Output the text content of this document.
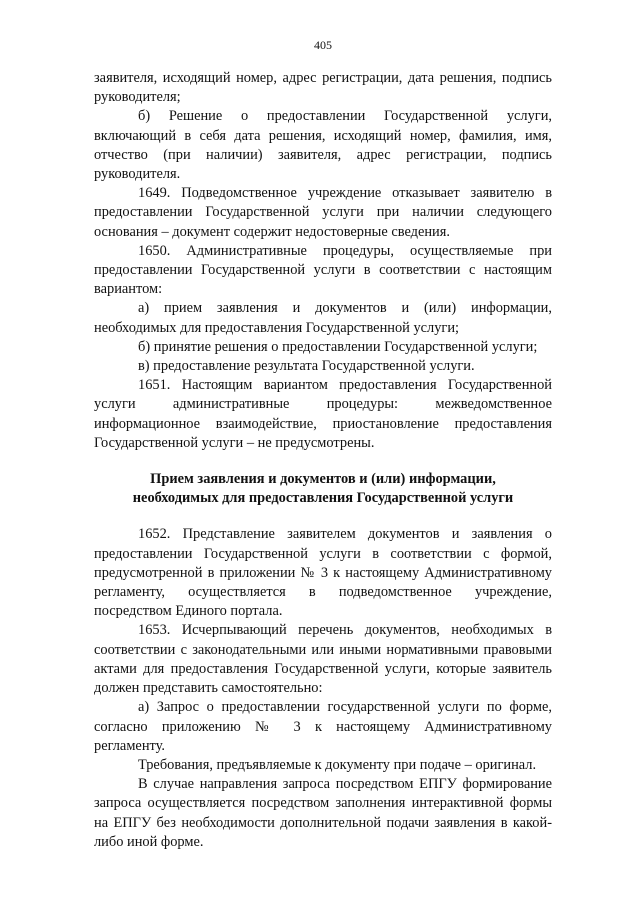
405

заявителя, исходящий номер, адрес регистрации, дата решения, подпись руководителя;

б) Решение о предоставлении Государственной услуги, включающий в себя дата решения, исходящий номер, фамилия, имя, отчество (при наличии) заявителя, адрес регистрации, подпись руководителя.

1649. Подведомственное учреждение отказывает заявителю в предоставлении Государственной услуги при наличии следующего основания – документ содержит недостоверные сведения.

1650. Административные процедуры, осуществляемые при предоставлении Государственной услуги в соответствии с настоящим вариантом:

а) прием заявления и документов и (или) информации, необходимых для предоставления Государственной услуги;

б) принятие решения о предоставлении Государственной услуги;

в) предоставление результата Государственной услуги.

1651. Настоящим вариантом предоставления Государственной услуги административные процедуры: межведомственное информационное взаимодействие, приостановление предоставления Государственной услуги – не предусмотрены.

Прием заявления и документов и (или) информации,
необходимых для предоставления Государственной услуги

1652. Представление заявителем документов и заявления о предоставлении Государственной услуги в соответствии с формой, предусмотренной в приложении № 3 к настоящему Административному регламенту, осуществляется в подведомственное учреждение, посредством Единого портала.

1653. Исчерпывающий перечень документов, необходимых в соответствии с законодательными или иными нормативными правовыми актами для предоставления Государственной услуги, которые заявитель должен представить самостоятельно:

а) Запрос о предоставлении государственной услуги по форме, согласно приложению № 3 к настоящему Административному регламенту.

Требования, предъявляемые к документу при подаче – оригинал.

В случае направления запроса посредством ЕПГУ формирование запроса осуществляется посредством заполнения интерактивной формы на ЕПГУ без необходимости дополнительной подачи заявления в какой-либо иной форме.
